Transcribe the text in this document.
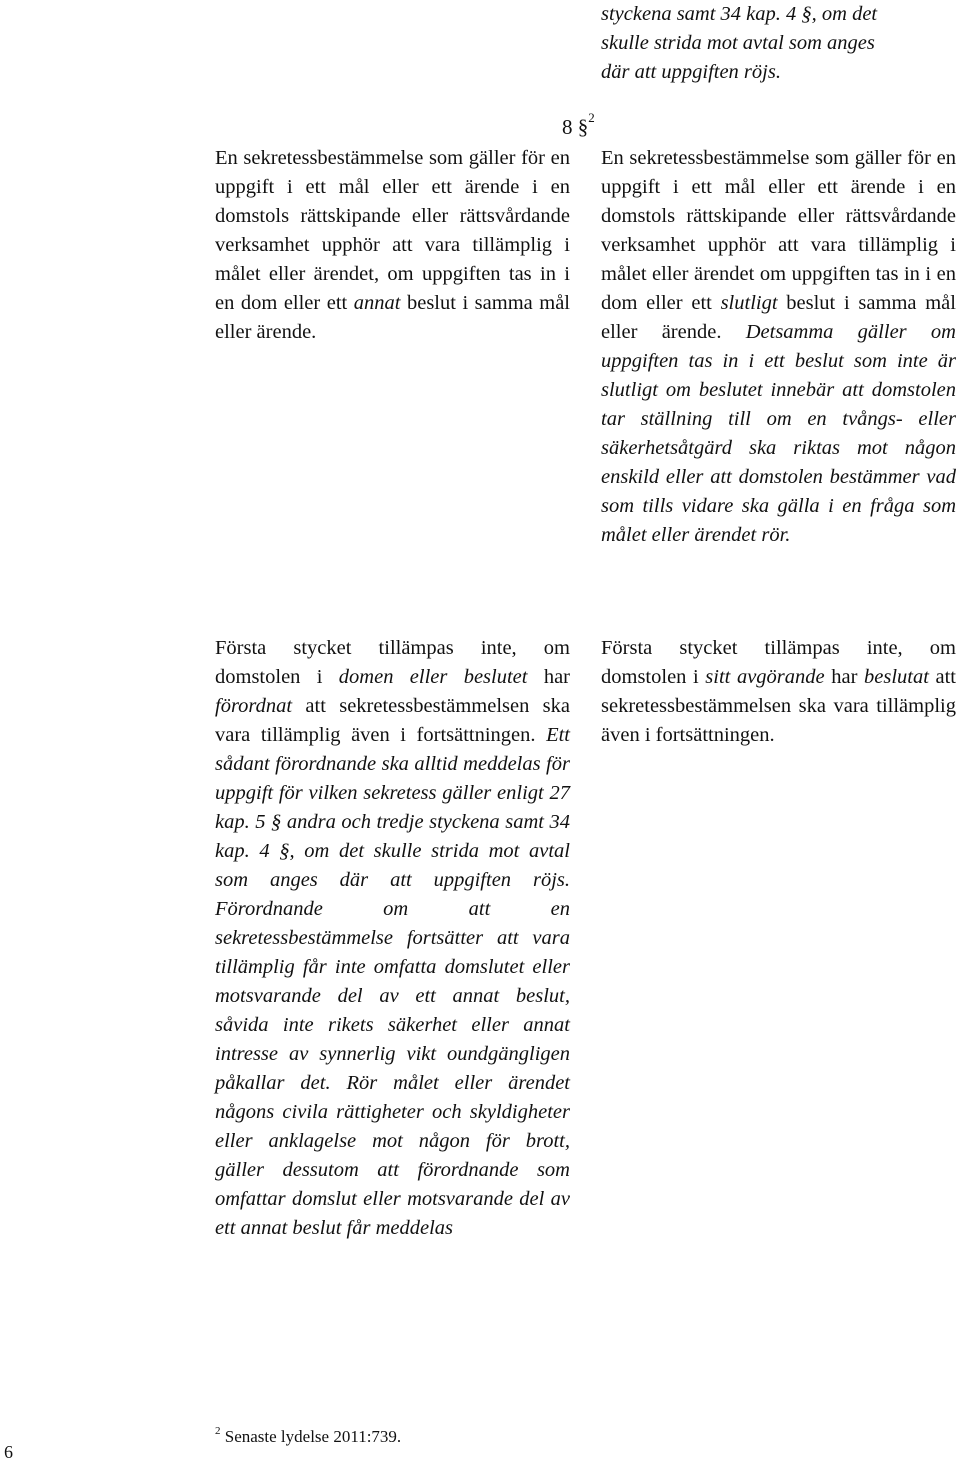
styckena samt 34 kap. 4 §, om det
skulle strida mot avtal som anges
där att uppgiften röjs.
8 §$^2$

En sekretessbestämmelse som gäller för en uppgift i ett mål eller ett ärende i en domstols rättskipande eller rättsvårdande verksamhet upphör att vara tillämplig i målet eller ärendet, om uppgiften tas in i en dom eller ett annat beslut i samma mål eller ärende.

Första stycket tillämpas inte, om domstolen i domen eller beslutet har förordnat att sekretessbestämmelsen ska vara tillämplig även i fortsättningen. Ett sådant förordnande ska alltid meddelas för uppgift för vilken sekretess gäller enligt 27 kap. 5 § andra och tredje styckena samt 34 kap. 4 §, om det skulle strida mot avtal som anges där att uppgiften röjs. Förordnande om att en sekretessbestämmelse fortsätter att vara tillämplig får inte omfatta domslutet eller motsvarande del av ett annat beslut, såvida inte rikets säkerhet eller annat intresse av synnerlig vikt oundgängligen påkallar det. Rör målet eller ärendet någons civila rättigheter och skyldigheter eller anklagelse mot någon för brott, gäller dessutom att förordnande som omfattar domslut eller motsvarande del av ett annat beslut får meddelas

En sekretessbestämmelse som gäller för en uppgift i ett mål eller ett ärende i en domstols rättskipande eller rättsvårdande verksamhet upphör att vara tillämplig i målet eller ärendet om uppgiften tas in i en dom eller ett slutligt beslut i samma mål eller ärende. Detsamma gäller om uppgiften tas in i ett beslut som inte är slutligt om beslutet innebär att domstolen tar ställning till om en tvångs- eller säkerhetsåtgärd ska riktas mot någon enskild eller att domstolen bestämmer vad som tills vidare ska gälla i en fråga som målet eller ärendet rör.

Första stycket tillämpas inte, om domstolen i sitt avgörande har beslutat att sekretessbestämmelsen ska vara tillämplig även i fortsättningen.

$^2$ Senaste lydelse 2011:739.
6
